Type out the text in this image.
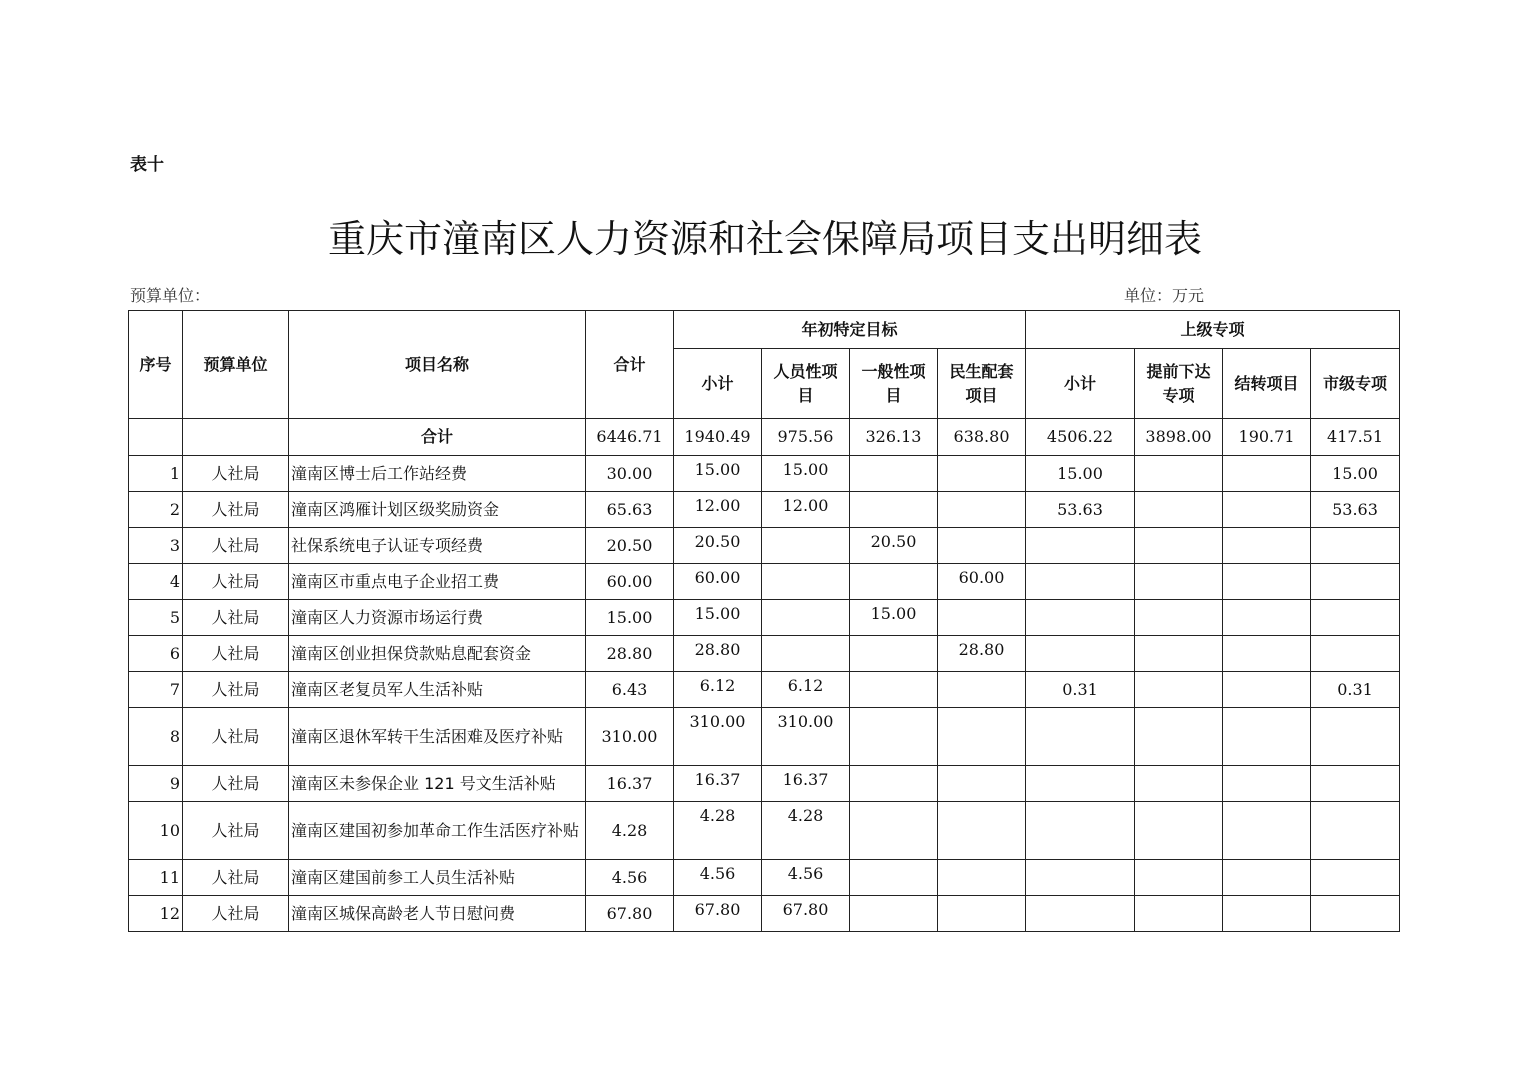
表十
重庆市潼南区人力资源和社会保障局项目支出明细表
预算单位：	单位：万元
序号	预算单位	项目名称	合计	年初特定目标				上级专项			
				小计	人员性项目	一般性项目	民生配套项目	小计	提前下达专项	结转项目	市级专项
		合计	6446.71	1940.49	975.56	326.13	638.80	4506.22	3898.00	190.71	417.51
1	人社局	潼南区博士后工作站经费	30.00	15.00	15.00			15.00			15.00
2	人社局	潼南区鸿雁计划区级奖励资金	65.63	12.00	12.00			53.63			53.63
3	人社局	社保系统电子认证专项经费	20.50	20.50		20.50					
4	人社局	潼南区市重点电子企业招工费	60.00	60.00			60.00				
5	人社局	潼南区人力资源市场运行费	15.00	15.00		15.00					
6	人社局	潼南区创业担保贷款贴息配套资金	28.80	28.80			28.80				
7	人社局	潼南区老复员军人生活补贴	6.43	6.12	6.12			0.31			0.31
8	人社局	潼南区退休军转干生活困难及医疗补贴	310.00	310.00	310.00						
9	人社局	潼南区未参保企业 121 号文生活补贴	16.37	16.37	16.37						
10	人社局	潼南区建国初参加革命工作生活医疗补贴	4.28	4.28	4.28						
11	人社局	潼南区建国前参工人员生活补贴	4.56	4.56	4.56						
12	人社局	潼南区城保高龄老人节日慰问费	67.80	67.80	67.80						
